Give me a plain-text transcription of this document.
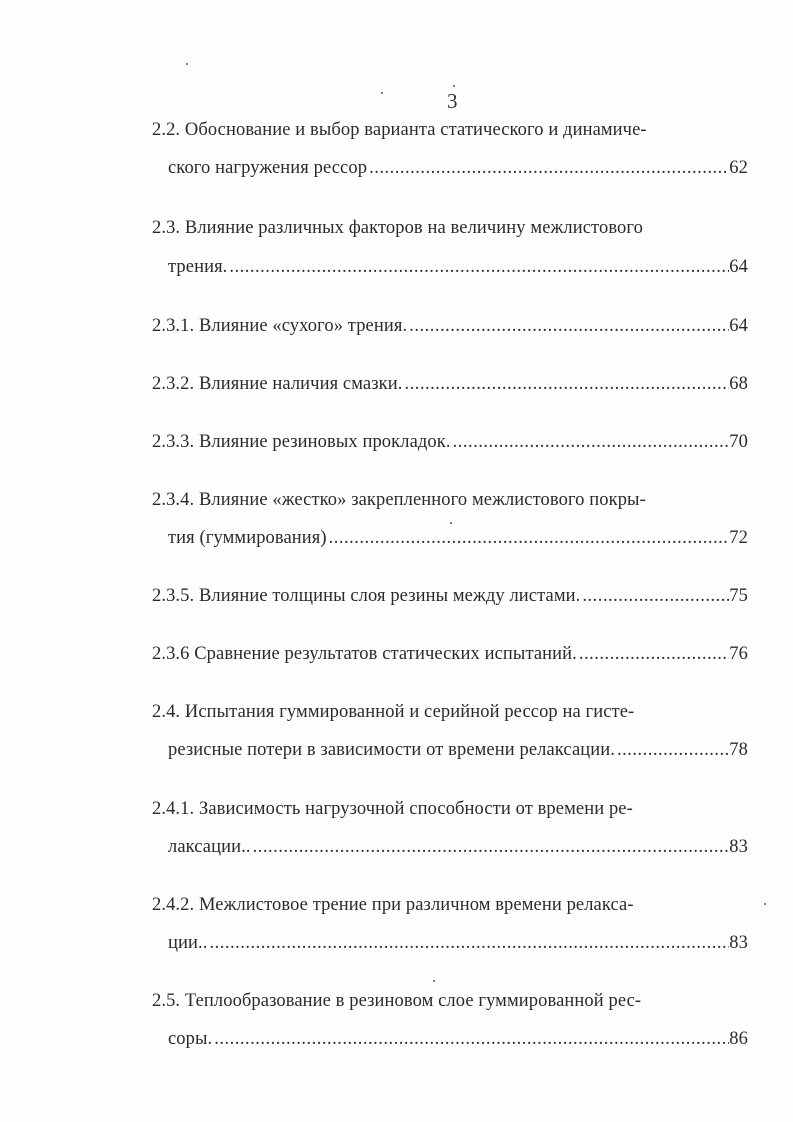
3
2.2. Обоснование и выбор варианта статического и динамиче-
ского нагружения рессор .....	62
2.3. Влияние различных факторов на величину межлистового
трения. .....	64
2.3.1. Влияние «сухого» трения. .....	64
2.3.2. Влияние наличия смазки. .....	68
2.3.3. Влияние резиновых прокладок. .....	70
2.3.4. Влияние «жестко» закрепленного межлистового покры-
тия (гуммирования) .....	72
2.3.5. Влияние толщины слоя резины между листами. .....	75
2.3.6 Сравнение результатов статических испытаний. .....	76
2.4. Испытания гуммированной и серийной рессор на гисте-
резисные потери в зависимости от времени релаксации. .....	78
2.4.1. Зависимость нагрузочной способности от времени ре-
лаксации.. .....	83
2.4.2. Межлистовое трение при различном времени релакса-
ции.. .....	83
2.5. Теплообразование в резиновом слое гуммированной рес-
соры. .....	86
